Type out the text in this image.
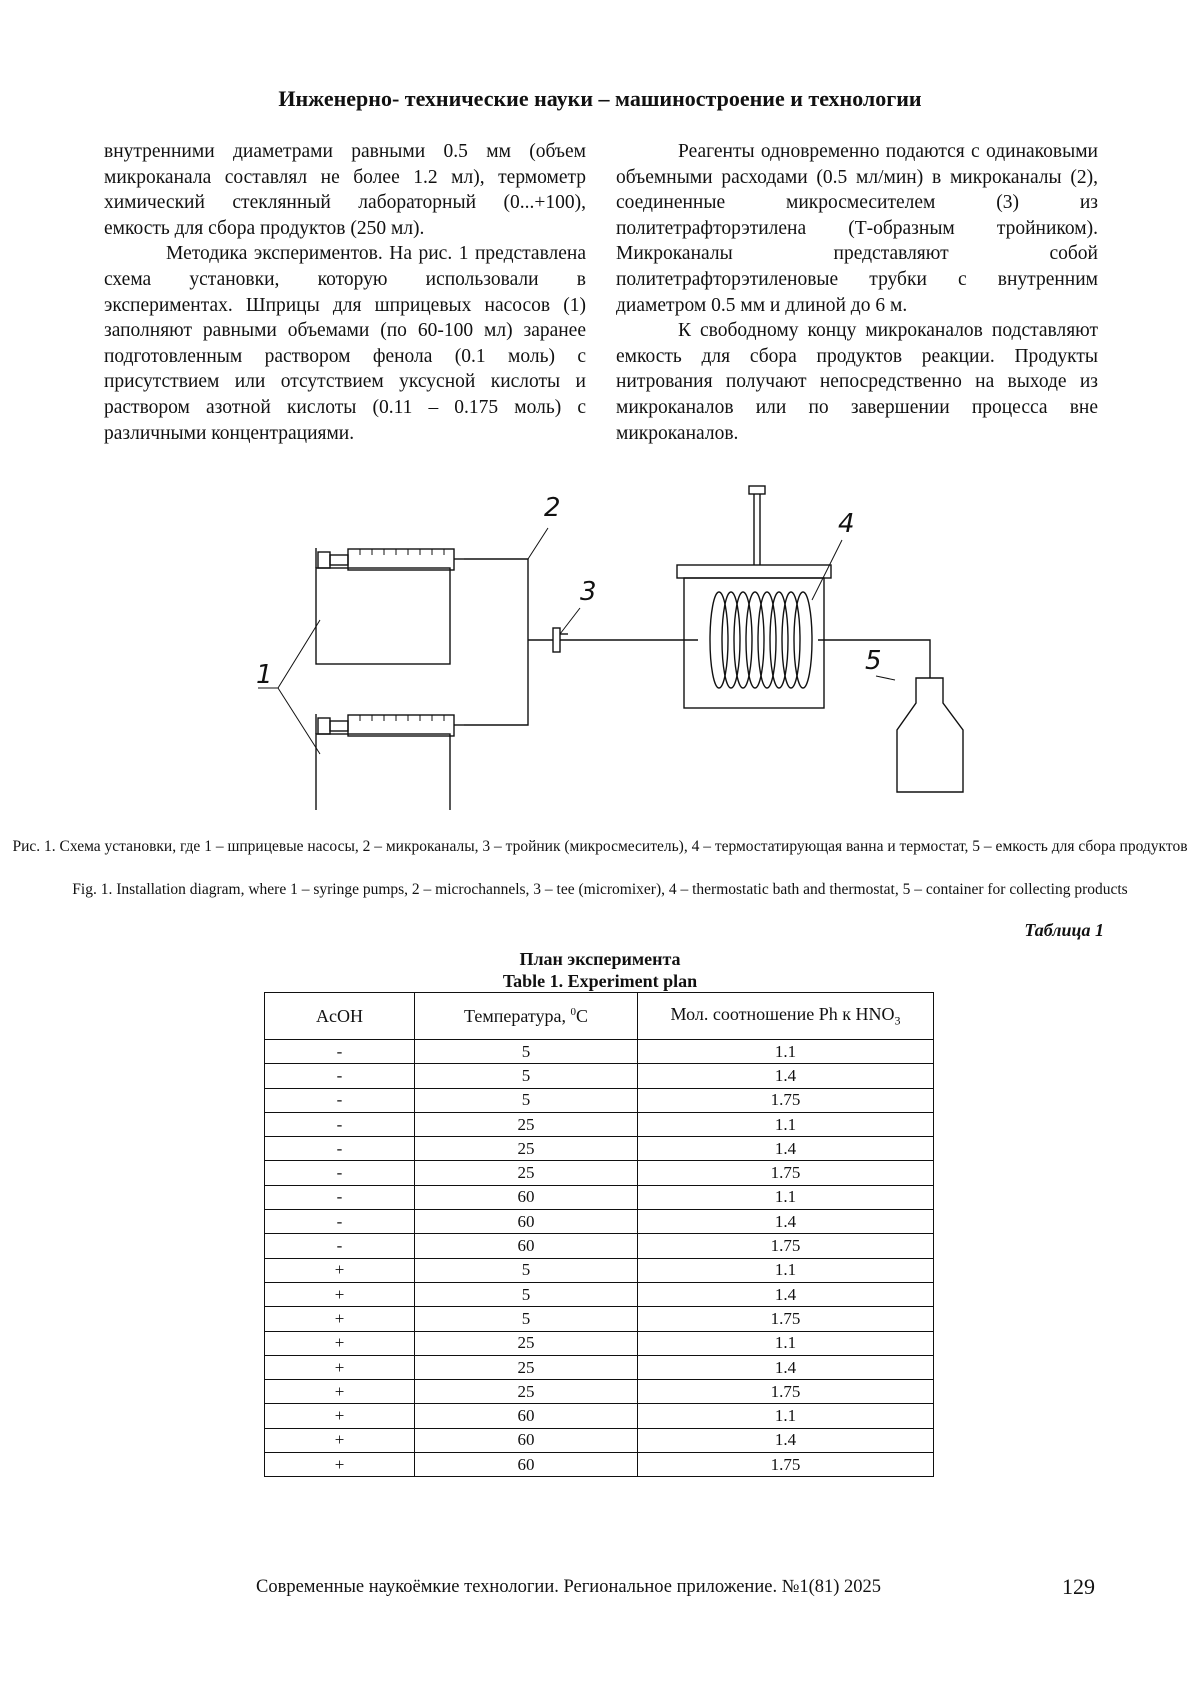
Инженерно- технические науки – машиностроение и технологии

внутренними диаметрами равными 0.5 мм (объем микроканала составлял не более 1.2 мл), термометр химический стеклянный лабораторный (0...+100), емкость для сбора продуктов (250 мл).

Методика экспериментов. На рис. 1 представлена схема установки, которую использовали в экспериментах. Шприцы для шприцевых насосов (1) заполняют равными объемами (по 60-100 мл) заранее подготовленным раствором фенола (0.1 моль) с присутствием или отсутствием уксусной кислоты и раствором азотной кислоты (0.11 – 0.175 моль) с различными концентрациями.

Реагенты одновременно подаются с одинаковыми объемными расходами (0.5 мл/мин) в микроканалы (2), соединенные микросмесителем (3) из политетрафторэтилена (Т-образным тройником). Микроканалы представляют собой политетрафторэтиленовые трубки с внутренним диаметром 0.5 мм и длиной до 6 м.

К свободному концу микроканалов подставляют емкость для сбора продуктов реакции. Продукты нитрования получают непосредственно на выходе из микроканалов или по завершении процесса вне микроканалов.

1
2
3
4
5
Рис. 1. Схема установки, где 1 – шприцевые насосы, 2 – микроканалы, 3 – тройник (микросмеситель), 4 – термостатирующая ванна и термостат, 5 – емкость для сбора продуктов
Fig. 1. Installation diagram, where 1 – syringe pumps, 2 – microchannels, 3 – tee (micromixer), 4 – thermostatic bath and thermostat, 5 – container for collecting products
Таблица 1
План эксперимента
Table 1. Experiment plan
AcOH	Температура, $^0$C	Мол. соотношение Ph к $HNO_3$
-	5	1.1
-	5	1.4
-	5	1.75
-	25	1.1
-	25	1.4
-	25	1.75
-	60	1.1
-	60	1.4
-	60	1.75
+	5	1.1
+	5	1.4
+	5	1.75
+	25	1.1
+	25	1.4
+	25	1.75
+	60	1.1
+	60	1.4
+	60	1.75
Современные наукоёмкие технологии. Региональное приложение. №1(81) 2025	129
